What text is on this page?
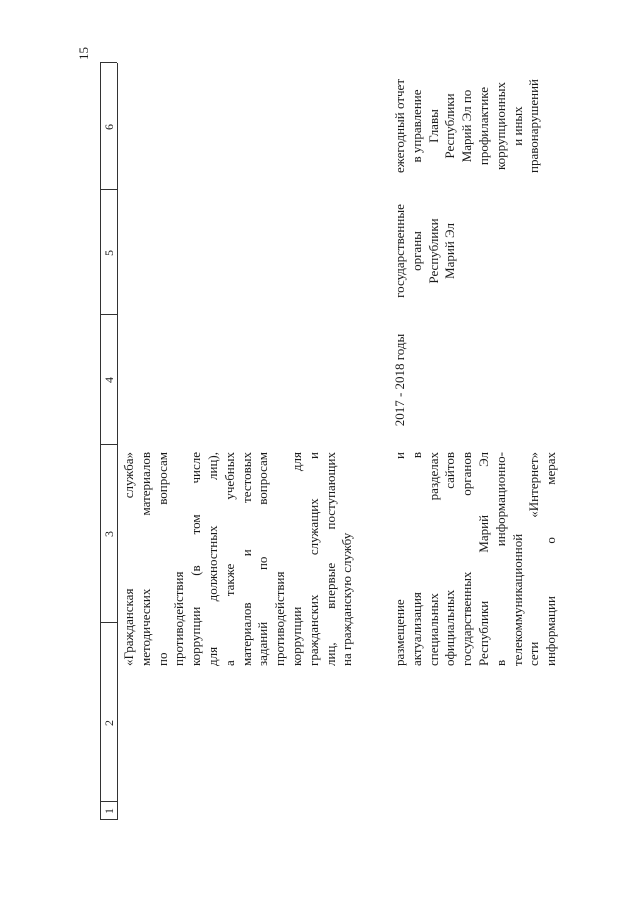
15
1
2
3
4
5
6
«Гражданская служба» методических материалов по вопросам противодействия коррупции (в том числе для должностных лиц), а также учебных материалов и тестовых заданий по вопросам противодействия коррупции для гражданских служащих и лиц, впервые поступающих на гражданскую службу	размещение и актуализация в специальных разделах официальных сайтов государственных органов Республики Марий Эл в информационно- телекоммуникационной сети «Интернет» информации о мерах
2017 - 2018 годы
государственные органы Республики Марий Эл
ежегодный отчет в управление Главы Республики Марий Эл по профилактике коррупционных и иных правонарушений
